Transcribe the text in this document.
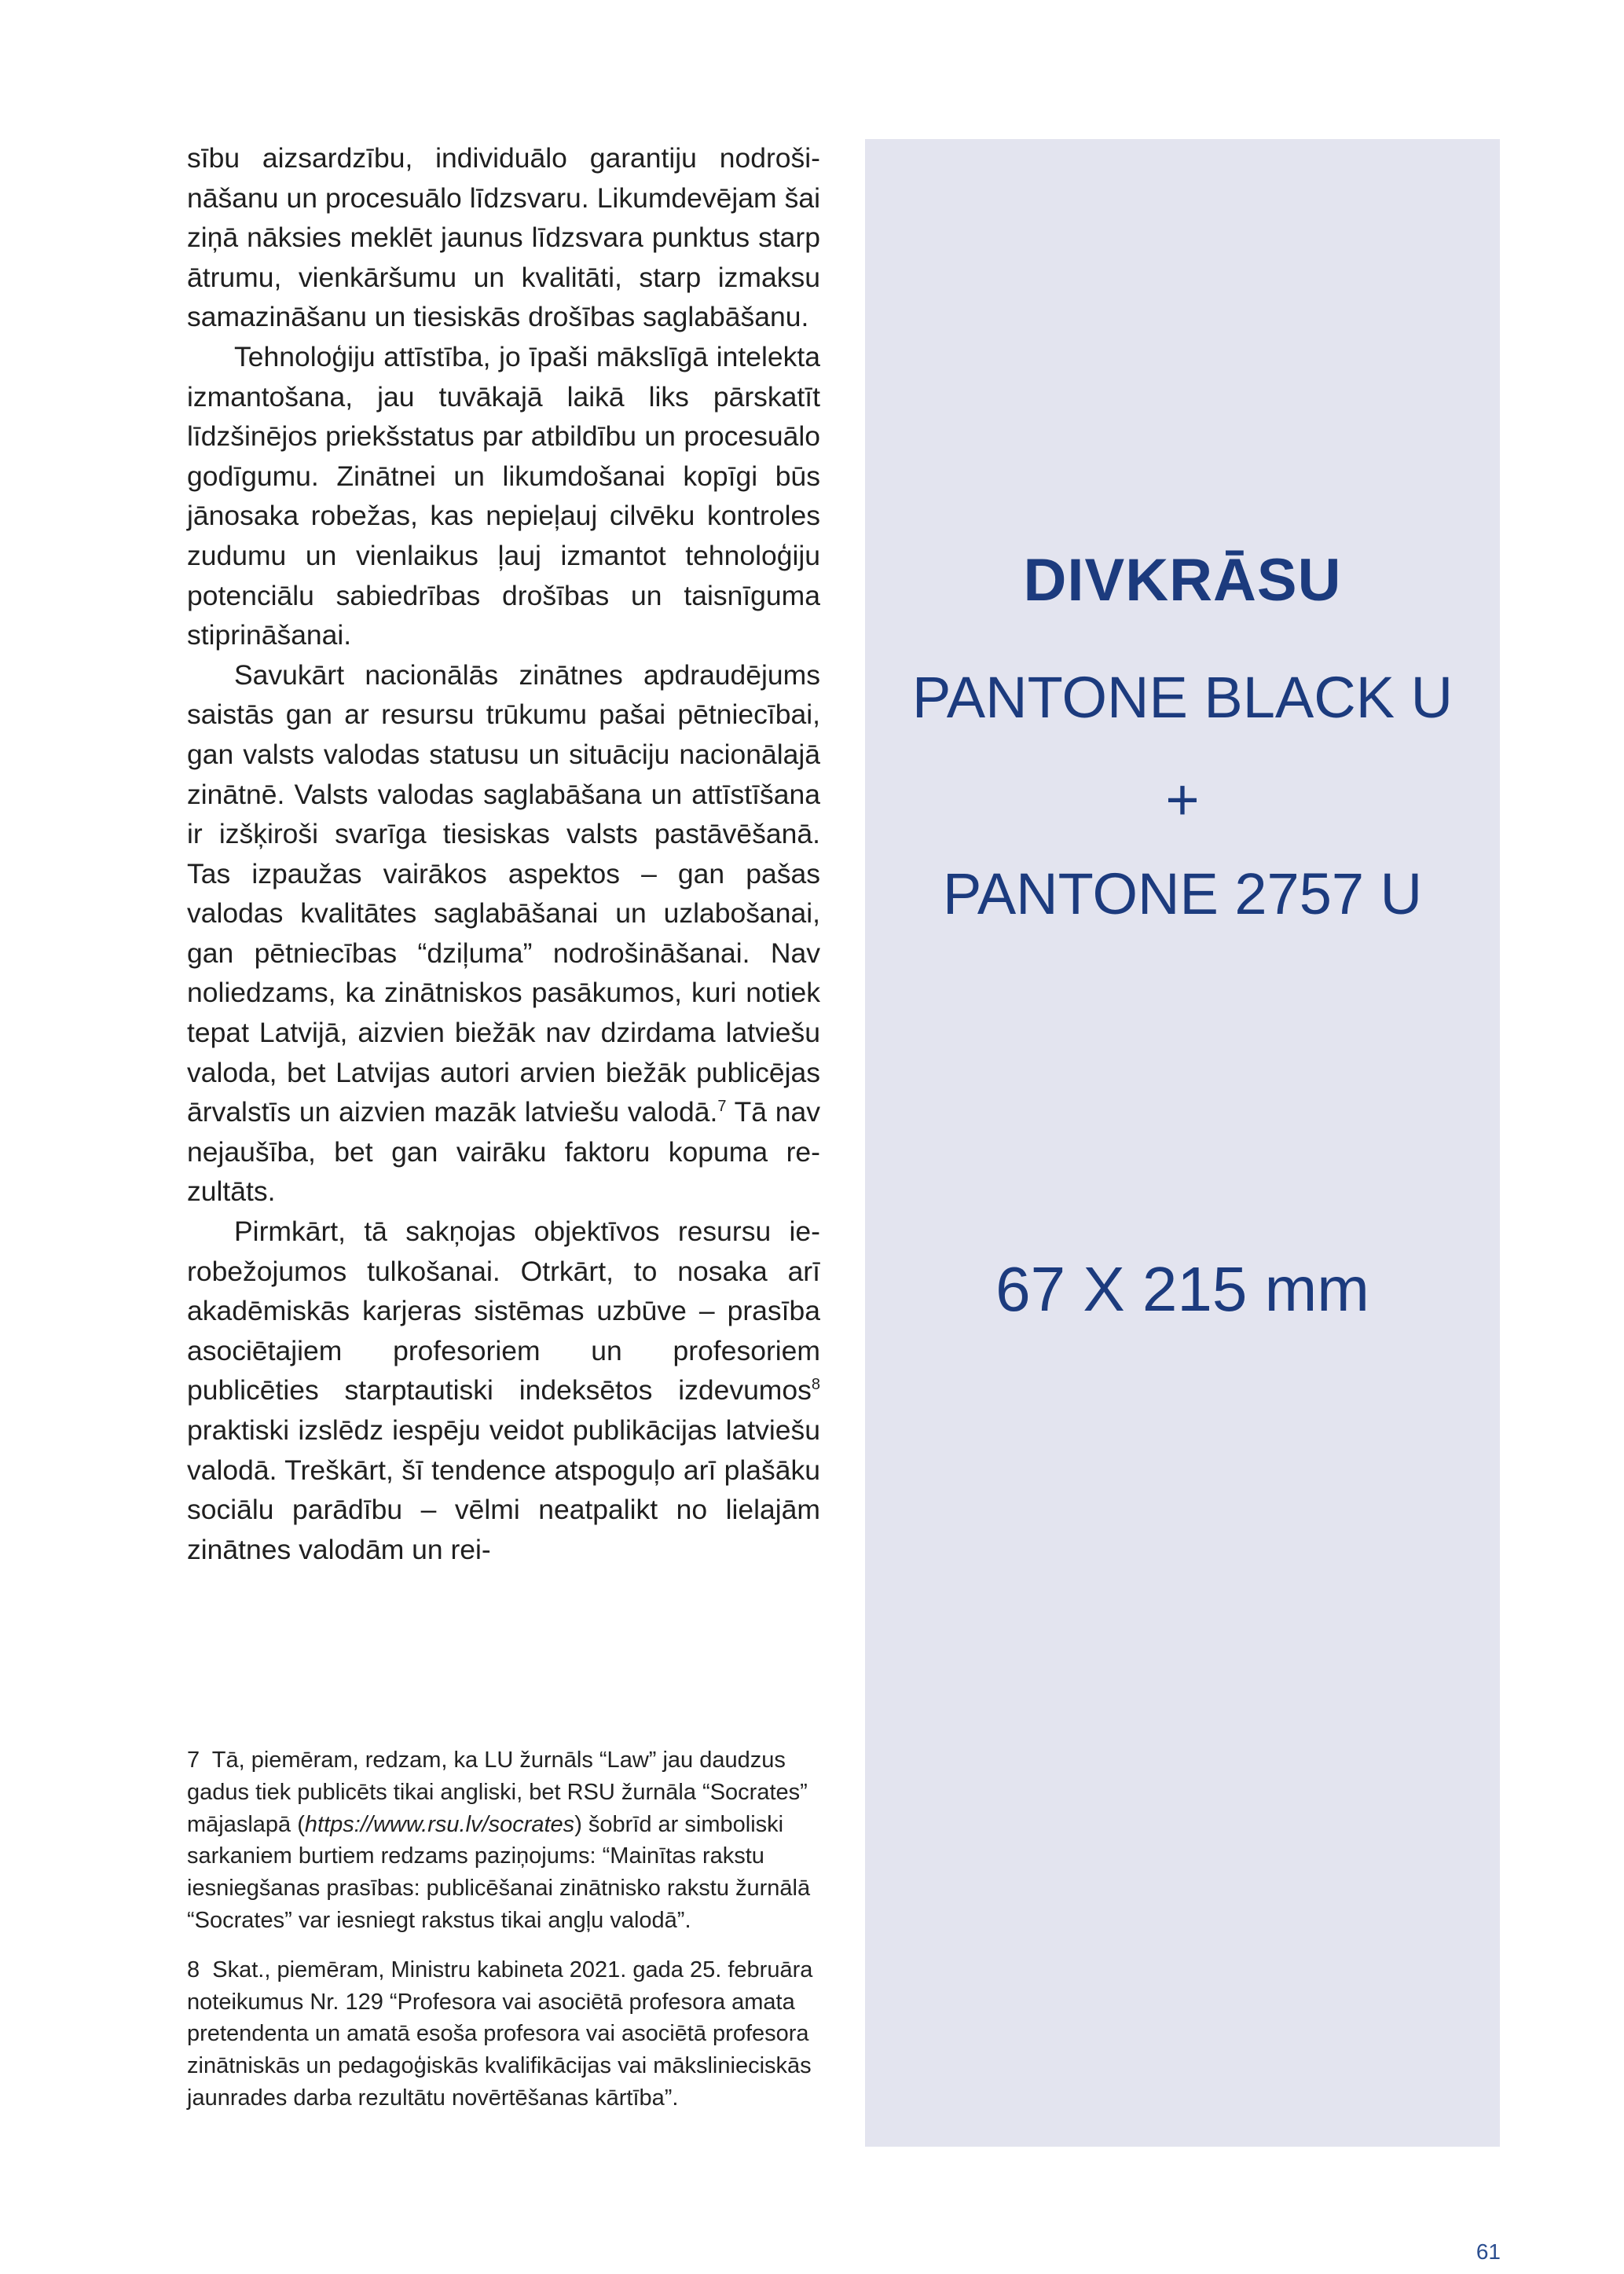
sību aizsardzību, individuālo garantiju nodrošināšanu un procesuālo līdzsvaru. Likumdevējam šai ziņā nāksies meklēt jaunus līdzsvara punktus starp ātrumu, vienkāršumu un kvalitāti, starp izmaksu samazināšanu un tiesiskās drošības saglabāšanu.

Tehnoloģiju attīstība, jo īpaši mākslīgā intelekta izmantošana, jau tuvākajā laikā liks pārskatīt līdzšinējos priekšstatus par atbildību un procesuālo godīgumu. Zinātnei un likumdošanai kopīgi būs jānosaka robežas, kas nepieļauj cilvēku kontroles zudumu un vienlaikus ļauj izmantot tehnoloģiju potenciālu sabiedrības drošības un taisnīguma stiprināšanai.

Savukārt nacionālās zinātnes apdraudējums saistās gan ar resursu trūkumu pašai pētniecībai, gan valsts valodas statusu un situāciju nacionālajā zinātnē. Valsts valodas saglabāšana un attīstīšana ir izšķiroši svarīga tiesiskas valsts pastāvēšanā. Tas izpaužas vairākos aspektos – gan pašas valodas kvalitātes saglabāšanai un uzlabošanai, gan pētniecības “dziļuma” nodrošināšanai. Nav noliedzams, ka zinātniskos pasākumos, kuri notiek tepat Latvijā, aizvien biežāk nav dzirdama latviešu valoda, bet Latvijas autori arvien biežāk publicējas ārvalstīs un aizvien mazāk latviešu valodā.$^7$ Tā nav nejaušība, bet gan vairāku faktoru kopuma rezultāts.

Pirmkārt, tā sakņojas objektīvos resursu ierobežojumos tulkošanai. Otrkārt, to nosaka arī akadēmiskās karjeras sistēmas uzbūve – prasība asociētajiem profesoriem un profesoriem publicēties starptautiski indeksētos izdevumos$^8$ praktiski izslēdz iespēju veidot publikācijas latviešu valodā. Treškārt, šī tendence atspoguļo arī plašāku sociālu parādību – vēlmi neatpalikt no lielajām zinātnes valodām un rei-

7 Tā, piemēram, redzam, ka LU žurnāls “Law” jau daudzus gadus tiek publicēts tikai angliski, bet RSU žurnāla “Socrates” mājaslapā (https://www.rsu.lv/socrates) šobrīd ar simboliski sarkaniem burtiem redzams paziņojums: “Mainītas rakstu iesniegšanas prasības: publicēšanai zinātnisko rakstu žurnālā “Socrates” var iesniegt rakstus tikai angļu valodā”.

8 Skat., piemēram, Ministru kabineta 2021. gada 25. februāra noteikumus Nr. 129 “Profesora vai asociētā profesora amata pretendenta un amatā esoša profesora vai asociētā profesora zinātniskās un pedagoģiskās kvalifikācijas vai mākslinieciskās jaunrades darba rezultātu novērtēšanas kārtība”.

DIVKRĀSU
PANTONE BLACK U
+
PANTONE 2757 U
67 X 215 mm
61
